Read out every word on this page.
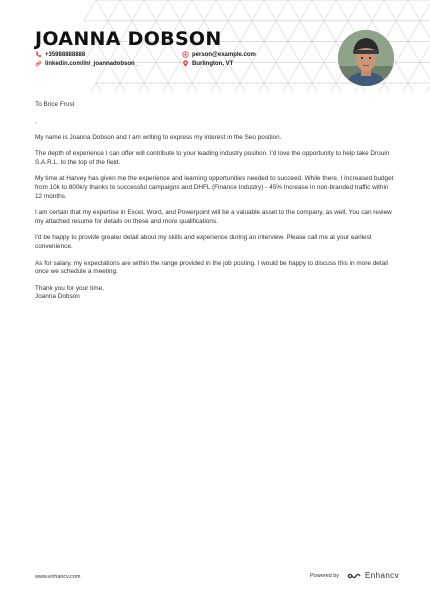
JOANNA DOBSON
+35988888888	person@example.com
linkedin.com/in/_joannadobson_	Burlington, VT

To Brice Frost

,

My name is Joanna Dobson and I am writing to express my interest in the Seo position.

The depth of experience I can offer will contribute to your leading industry position. I'd love the opportunity to help take Drouin S.A.R.L. to the top of the field.

My time at Harvey has given me the experience and learning opportunities needed to succeed. While there, I Increased budget from 10k to 800k/y thanks to successful campaigns and DHFL (Finance Industry) - 45% Increase in non-branded traffic within 12 months.

I am certain that my expertise in Excel, Word, and Powerpoint will be a valuable asset to the company, as well. You can review my attached resume for details on these and more qualifications.

I'd be happy to provide greater detail about my skills and experience during an interview. Please call me at your earliest convenience.

As for salary, my expectations are within the range provided in the job posting. I would be happy to discuss this in more detail once we schedule a meeting.

Thank you for your time,
Joanna Dobson
www.enhancv.com	Powered by	Enhancv
